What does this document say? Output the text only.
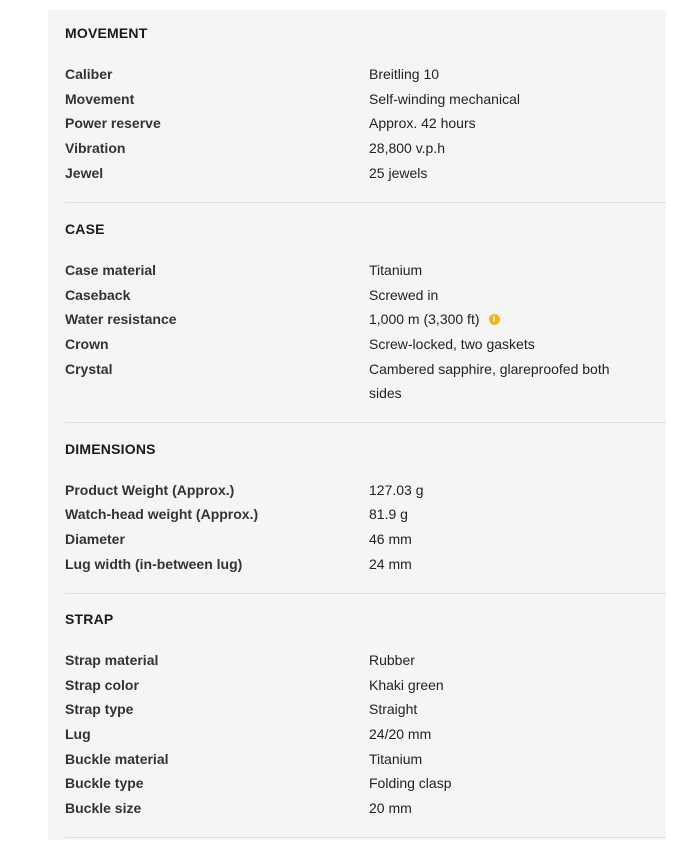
MOVEMENT
Caliber	Breitling 10
Movement	Self-winding mechanical
Power reserve	Approx. 42 hours
Vibration	28,800 v.p.h
Jewel	25 jewels
CASE
Case material	Titanium
Caseback	Screwed in
Water resistance	1,000 m (3,300 ft) i
Crown	Screw-locked, two gaskets
Crystal	Cambered sapphire, glareproofed both sides
DIMENSIONS
Product Weight (Approx.)	127.03 g
Watch-head weight (Approx.)	81.9 g
Diameter	46 mm
Lug width (in-between lug)	24 mm
STRAP
Strap material	Rubber
Strap color	Khaki green
Strap type	Straight
Lug	24/20 mm
Buckle material	Titanium
Buckle type	Folding clasp
Buckle size	20 mm
